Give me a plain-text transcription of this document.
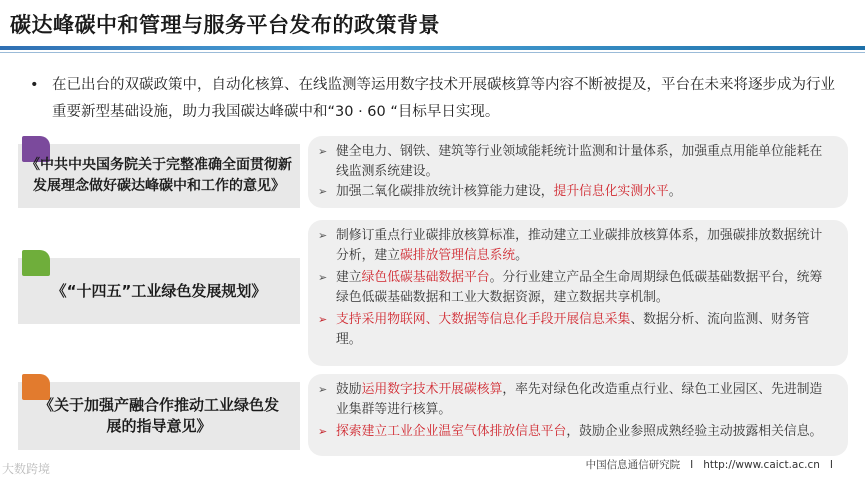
碳达峰碳中和管理与服务平台发布的政策背景
• 在已出台的双碳政策中，自动化核算、在线监测等运用数字技术开展碳核算等内容不断被提及，平台在未来将逐步成为行业重要新型基础设施，助力我国碳达峰碳中和“30 · 60 “目标早日实现。
《中共中央国务院关于完整准确全面贯彻新发展理念做好碳达峰碳中和工作的意见》
➢ 健全电力、钢铁、建筑等行业领域能耗统计监测和计量体系，加强重点用能单位能耗在线监测系统建设。
➢ 加强二氧化碳排放统计核算能力建设，提升信息化实测水平。
《“十四五”工业绿色发展规划》
➢ 制修订重点行业碳排放核算标准，推动建立工业碳排放核算体系，加强碳排放数据统计分析，建立碳排放管理信息系统。
➢ 建立绿色低碳基础数据平台。分行业建立产品全生命周期绿色低碳基础数据平台，统筹绿色低碳基础数据和工业大数据资源，建立数据共享机制。
➢ 支持采用物联网、大数据等信息化手段开展信息采集、数据分析、流向监测、财务管理。
《关于加强产融合作推动工业绿色发展的指导意见》
➢ 鼓励运用数字技术开展碳核算，率先对绿色化改造重点行业、绿色工业园区、先进制造业集群等进行核算。
➢ 探索建立工业企业温室气体排放信息平台，鼓励企业参照成熟经验主动披露相关信息。
大数跨境	中国信息通信研究院 I http://www.caict.ac.cn I
